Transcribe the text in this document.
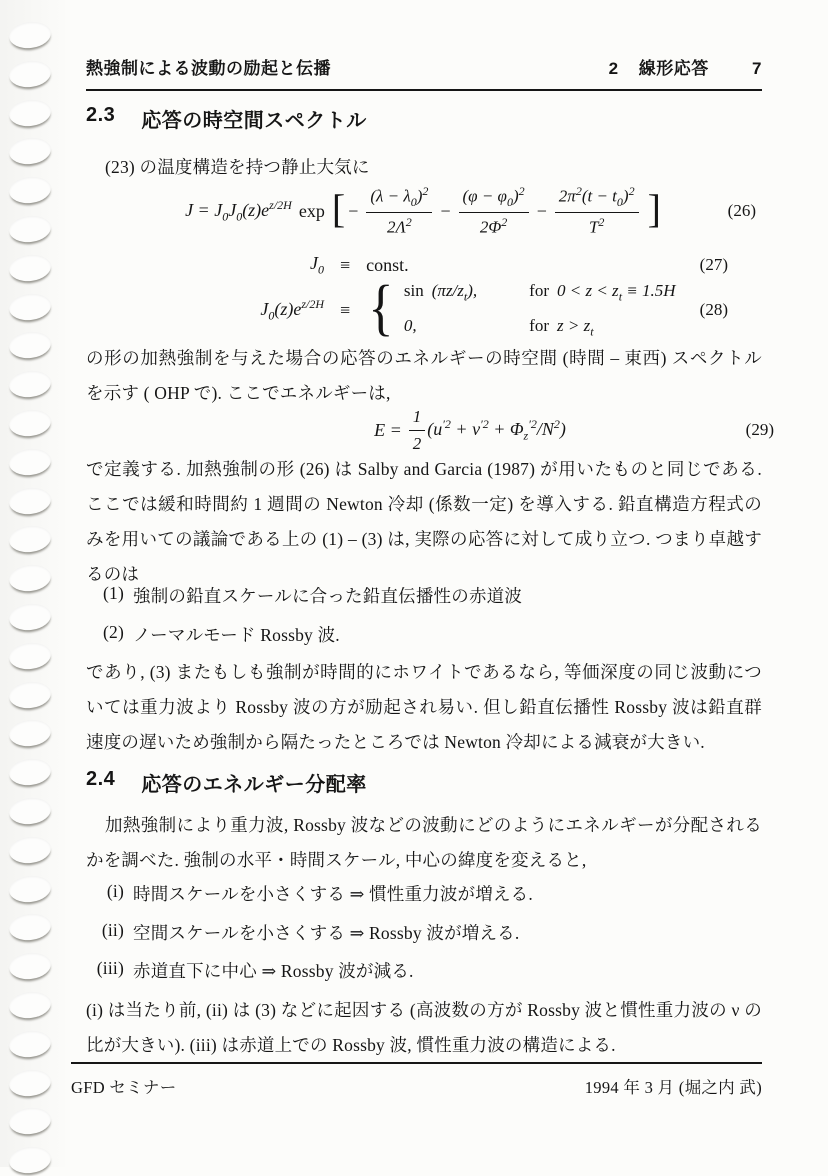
熱強制による波動の励起と伝播	2 線形応答	7
2.3 応答の時空間スペクトル

(23) の温度構造を持つ静止大気に

$J = J_0J_0(z)e^{z/2H}$ exp [ − $\frac{(\lambda - \lambda_0)^2}{2\Lambda^2} - \frac{(\varphi - \varphi_0)^2}{2\Phi^2} - \frac{2\pi^2(t - t_0)^2}{T^2}$ ]	(26)
$J_0$ ≡ const.	(27)
$J_0(z)e^{z/2H}$ ≡ { $\sin (\pi z/z_t)$,	for $0 < z < z_t \equiv 1.5H$
0,	for $z > z_t$
(28)

の形の加熱強制を与えた場合の応答のエネルギーの時空間 (時間 – 東西) スペクトルを示す ( OHP で). ここでエネルギーは,

$E = \frac{1}{2} (u^{'2} + v^{'2} + \Phi_z^{'2}/N^2)$	(29)

で定義する. 加熱強制の形 (26) は Salby and Garcia (1987) が用いたものと同じである. ここでは緩和時間約 1 週間の Newton 冷却 (係数一定) を導入する. 鉛直構造方程式のみを用いての議論である上の (1) – (3) は, 実際の応答に対して成り立つ. つまり卓越するのは

(1) 強制の鉛直スケールに合った鉛直伝播性の赤道波
(2) ノーマルモード Rossby 波.

であり, (3) またもしも強制が時間的にホワイトであるなら, 等価深度の同じ波動については重力波より Rossby 波の方が励起され易い. 但し鉛直伝播性 Rossby 波は鉛直群速度の遅いため強制から隔たったところでは Newton 冷却による減衰が大きい.

2.4 応答のエネルギー分配率

加熱強制により重力波, Rossby 波などの波動にどのようにエネルギーが分配されるかを調べた. 強制の水平・時間スケール, 中心の緯度を変えると,

(i) 時間スケールを小さくする ⇒ 慣性重力波が増える.
(ii) 空間スケールを小さくする ⇒ Rossby 波が増える.
(iii) 赤道直下に中心 ⇒ Rossby 波が減る.

(i) は当たり前, (ii) は (3) などに起因する (高波数の方が Rossby 波と慣性重力波の ν の比が大きい). (iii) は赤道上での Rossby 波, 慣性重力波の構造による.

GFD セミナー	1994 年 3 月 (堀之内 武)
